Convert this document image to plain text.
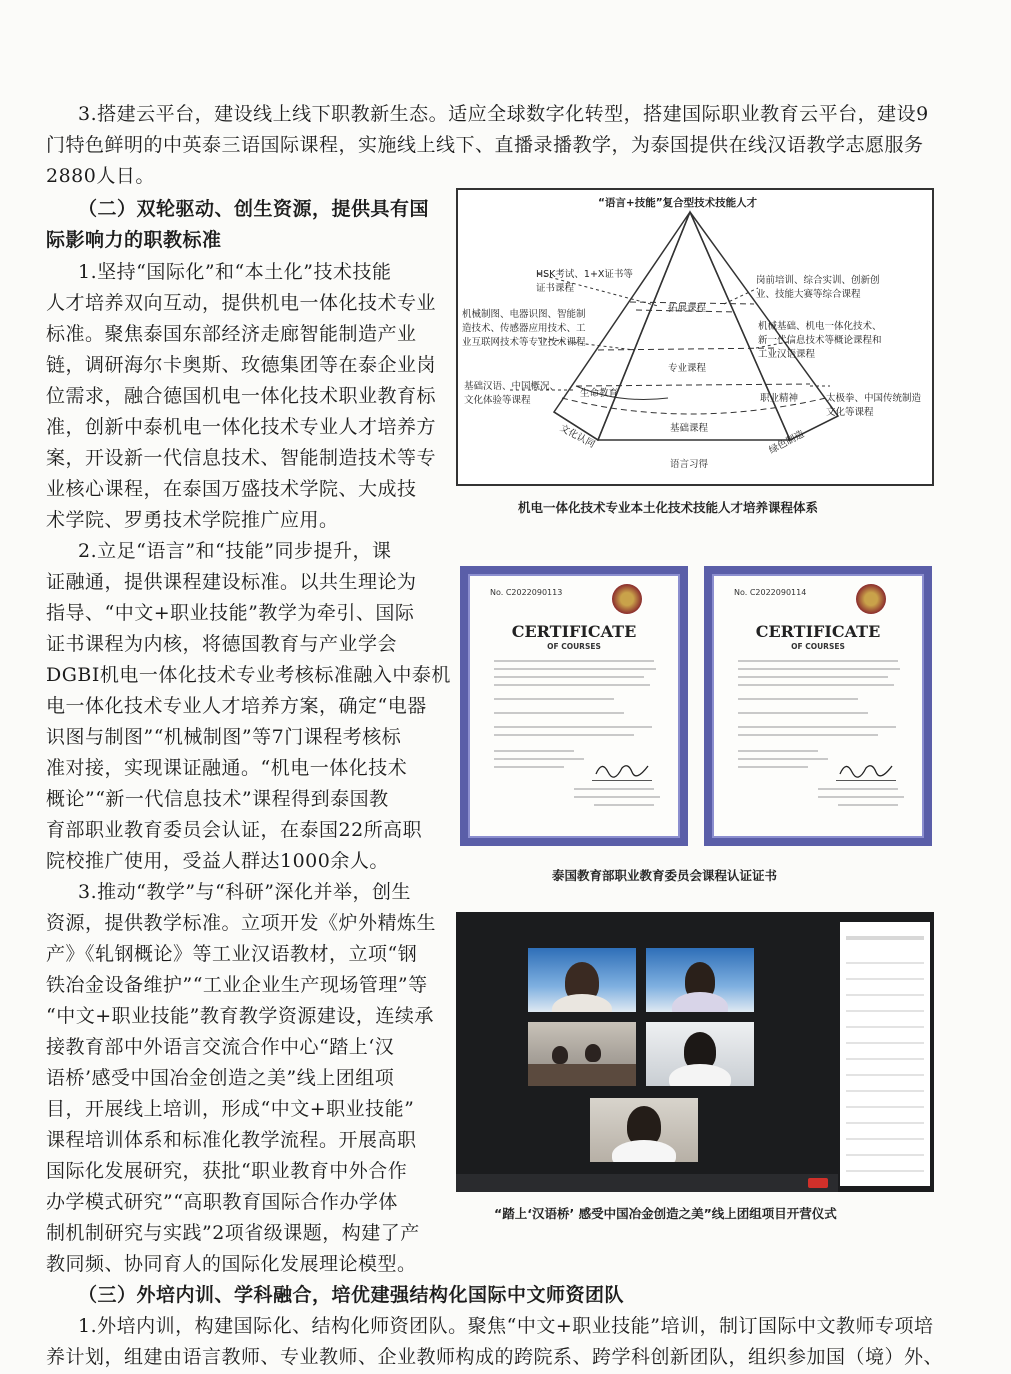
3.搭建云平台，建设线上线下职教新生态。适应全球数字化转型，搭建国际职业教育云平台，建设9
门特色鲜明的中英泰三语国际课程，实施线上线下、直播录播教学，为泰国提供在线汉语教学志愿服务
2880人日。
（二）双轮驱动、创生资源，提供具有国
际影响力的职教标准
1.坚持“国际化”和“本土化”技术技能
人才培养双向互动，提供机电一体化技术专业
标准。聚焦泰国东部经济走廊智能制造产业
链，调研海尔卡奥斯、玫德集团等在泰企业岗
位需求，融合德国机电一体化技术职业教育标
准，创新中泰机电一体化技术专业人才培养方
案，开设新一代信息技术、智能制造技术等专
业核心课程，在泰国万盛技术学院、大成技
术学院、罗勇技术学院推广应用。
2.立足“语言”和“技能”同步提升，课
证融通，提供课程建设标准。以共生理论为
指导、“中文+职业技能”教学为牵引、国际
证书课程为内核，将德国教育与产业学会
DGBI机电一体化技术专业考核标准融入中泰机
电一体化技术专业人才培养方案，确定“电器
识图与制图”“机械制图”等7门课程考核标
准对接，实现课证融通。“机电一体化技术
概论”“新一代信息技术”课程得到泰国教
育部职业教育委员会认证，在泰国22所高职
院校推广使用，受益人群达1000余人。
3.推动“教学”与“科研”深化并举，创生
资源，提供教学标准。立项开发《炉外精炼生
产》《轧钢概论》等工业汉语教材，立项“钢
铁冶金设备维护”“工业企业生产现场管理”等
“中文+职业技能”教育教学资源建设，连续承
接教育部中外语言交流合作中心“踏上‘汉
语桥’感受中国冶金创造之美”线上团组项
目，开展线上培训，形成“中文+职业技能”
课程培训体系和标准化教学流程。开展高职
国际化发展研究，获批“职业教育中外合作
办学模式研究”“高职教育国际合作办学体
制机制研究与实践”2项省级课题，构建了产
教同频、协同育人的国际化发展理论模型。
（三）外培内训、学科融合，培优建强结构化国际中文师资团队
1.外培内训，构建国际化、结构化师资团队。聚焦“中文+职业技能”培训，制订国际中文教师专项培
养计划，组建由语言教师、专业教师、企业教师构成的跨院系、跨学科创新团队，组织参加国（境）外、
“语言+技能”复合型技术技能人才
拓展课程
专业课程
基础课程
生命教育	职业精神
语言习得
文化认同	绿色制造
HSK考试、1+X证书等
证书课程
机械制图、电器识图、智能制
造技术、传感器应用技术、工
业互联网技术等专业技术课程
基础汉语、中国概况、
文化体验等课程
岗前培训、综合实训、创新创
业、技能大赛等综合课程
机械基础、机电一体化技术、
新一代信息技术等概论课程和
工业汉语课程
太极拳、中国传统制造
文化等课程
机电一体化技术专业本土化技术技能人才培养课程体系
No. C2022090113
CERTIFICATE
OF COURSES
No. C2022090114
CERTIFICATE
OF COURSES
泰国教育部职业教育委员会课程认证证书
“踏上‘汉语桥’ 感受中国冶金创造之美”线上团组项目开营仪式
